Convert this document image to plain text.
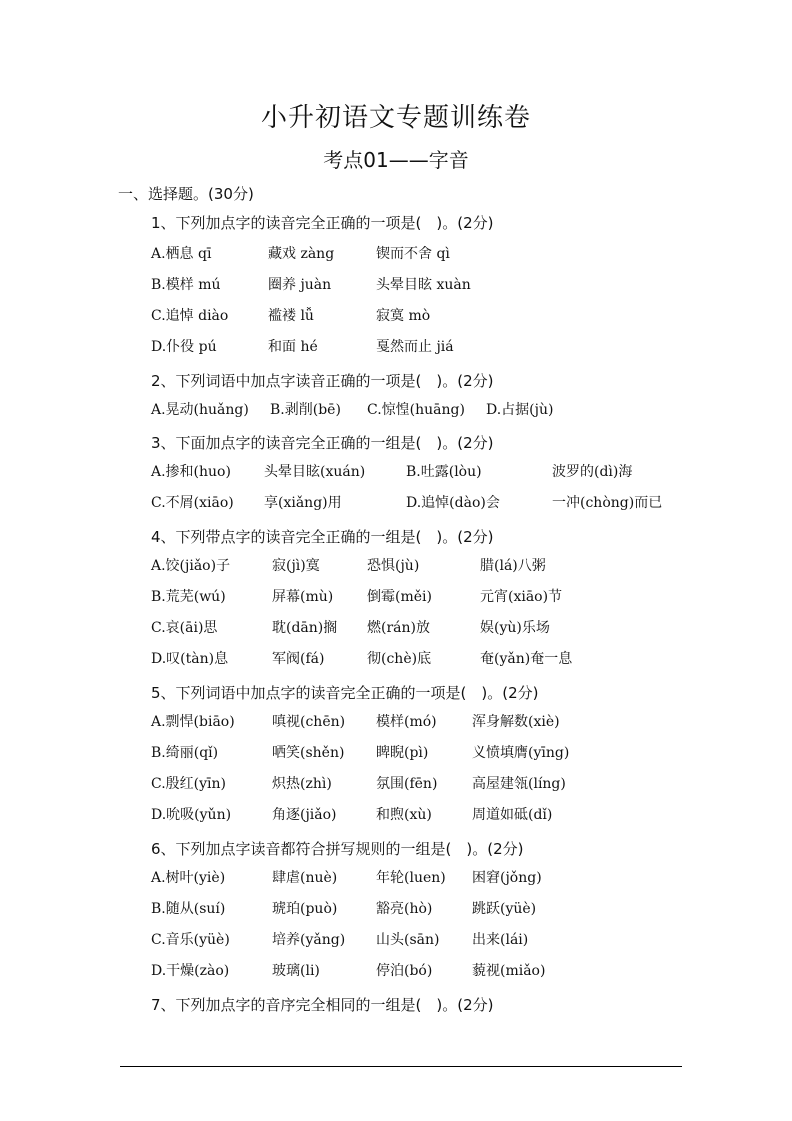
小升初语文专题训练卷
考点01——字音
一、选择题。(30分)
1、下列加点字的读音完全正确的一项是(　)。(2分)
A.栖息 qī	藏戏 zàng	锲而不舍 qì
B.模样 mú	圈养 juàn	头晕目眩 xuàn
C.追悼 diào	褴褛 lǚ	寂寞 mò
D.仆役 pú	和面 hé	戛然而止 jiá
2、下列词语中加点字读音正确的一项是(　)。(2分)
A.晃动(huǎng) B.剥削(bē) C.惊惶(huāng) D.占据(jù)
3、下面加点字的读音完全正确的一组是(　)。(2分)
A.掺和(huo) 头晕目眩(xuán)	B.吐露(lòu)	波罗的(dì)海
C.不屑(xiāo) 享(xiǎng)用	D.追悼(dào)会	一冲(chòng)而已
4、下列带点字的读音完全正确的一组是(　)。(2分)
A.饺(jiǎo)子	寂(jì)寞	恐惧(jù)	腊(lá)八粥
B.荒芜(wú)	屏幕(mù) 倒霉(měi)	元宵(xiāo)节
C.哀(āi)思	耽(dān)搁 燃(rán)放	娱(yù)乐场
D.叹(tàn)息	军阀(fá)	彻(chè)底	奄(yǎn)奄一息
5、下列词语中加点字的读音完全正确的一项是(　)。(2分)
A.剽悍(biāo)	嗔视(chēn) 模样(mó)	浑身解数(xiè)
B.绮丽(qǐ)	哂笑(shěn) 睥睨(pì)	义愤填膺(yīng)
C.殷红(yīn)	炽热(zhì)	氛围(fēn) 高屋建瓴(líng)
D.吮吸(yǔn)	角逐(jiǎo)	和煦(xù)	周道如砥(dǐ)
6、下列加点字读音都符合拼写规则的一组是(　)。(2分)
A.树叶(yiè)	肆虐(nuè)	年轮(luen) 困窘(jǒng)
B.随从(suí)	琥珀(può)	豁亮(hò)	跳跃(yüè)
C.音乐(yüè)	培养(yǎng) 山头(sān) 出来(lái)
D.干燥(zào)	玻璃(li)	停泊(bó)	藐视(miǎo)
7、下列加点字的音序完全相同的一组是(　)。(2分)
